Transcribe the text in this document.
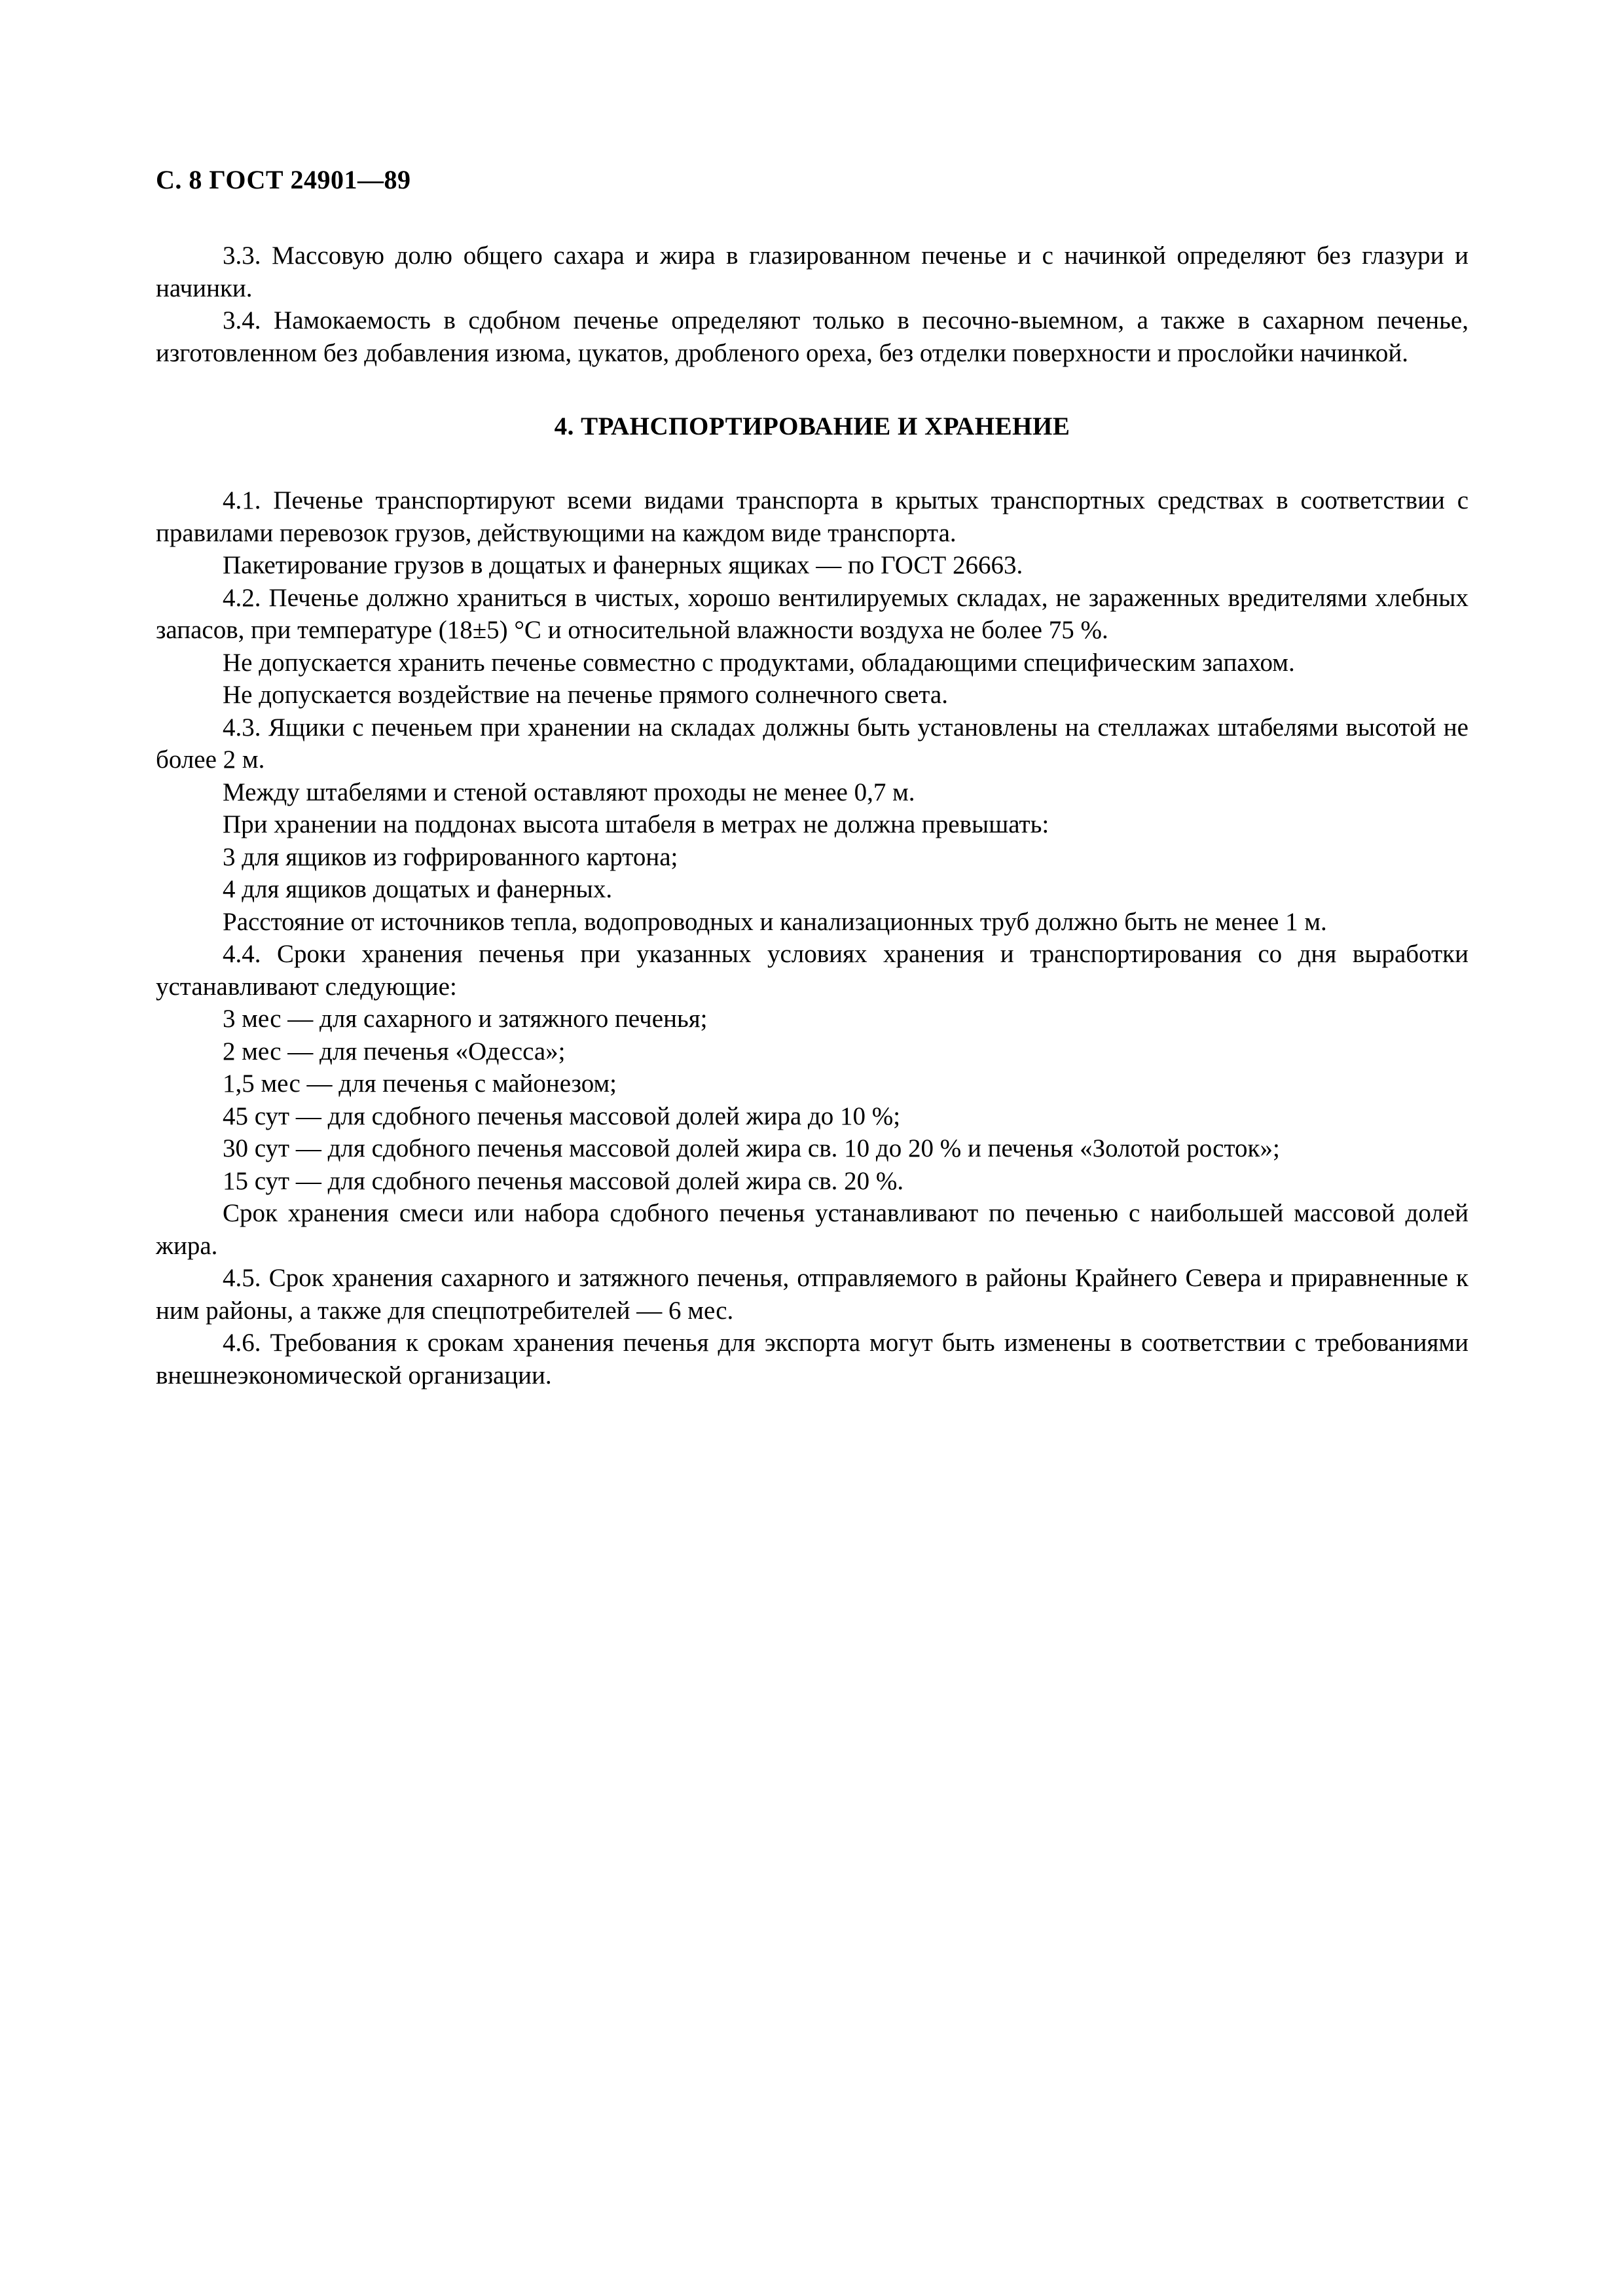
С. 8 ГОСТ 24901—89

3.3. Массовую долю общего сахара и жира в глазированном печенье и с начинкой определяют без глазури и начинки.

3.4. Намокаемость в сдобном печенье определяют только в песочно-выемном, а также в сахарном печенье, изготовленном без добавления изюма, цукатов, дробленого ореха, без отделки поверхности и прослойки начинкой.

4. ТРАНСПОРТИРОВАНИЕ И ХРАНЕНИЕ

4.1. Печенье транспортируют всеми видами транспорта в крытых транспортных средствах в соответствии с правилами перевозок грузов, действующими на каждом виде транспорта.

Пакетирование грузов в дощатых и фанерных ящиках — по ГОСТ 26663.

4.2. Печенье должно храниться в чистых, хорошо вентилируемых складах, не зараженных вредителями хлебных запасов, при температуре (18±5) °С и относительной влажности воздуха не более 75 %.

Не допускается хранить печенье совместно с продуктами, обладающими специфическим запахом.

Не допускается воздействие на печенье прямого солнечного света.

4.3. Ящики с печеньем при хранении на складах должны быть установлены на стеллажах штабелями высотой не более 2 м.

Между штабелями и стеной оставляют проходы не менее 0,7 м.

При хранении на поддонах высота штабеля в метрах не должна превышать:

3 для ящиков из гофрированного картона;

4 для ящиков дощатых и фанерных.

Расстояние от источников тепла, водопроводных и канализационных труб должно быть не менее 1 м.

4.4. Сроки хранения печенья при указанных условиях хранения и транспортирования со дня выработки устанавливают следующие:

3 мес — для сахарного и затяжного печенья;

2 мес — для печенья «Одесса»;

1,5 мес — для печенья с майонезом;

45 сут — для сдобного печенья массовой долей жира до 10 %;

30 сут — для сдобного печенья массовой долей жира св. 10 до 20 % и печенья «Золотой росток»;

15 сут — для сдобного печенья массовой долей жира св. 20 %.

Срок хранения смеси или набора сдобного печенья устанавливают по печенью с наибольшей массовой долей жира.

4.5. Срок хранения сахарного и затяжного печенья, отправляемого в районы Крайнего Севера и приравненные к ним районы, а также для спецпотребителей — 6 мес.

4.6. Требования к срокам хранения печенья для экспорта могут быть изменены в соответствии с требованиями внешнеэкономической организации.
